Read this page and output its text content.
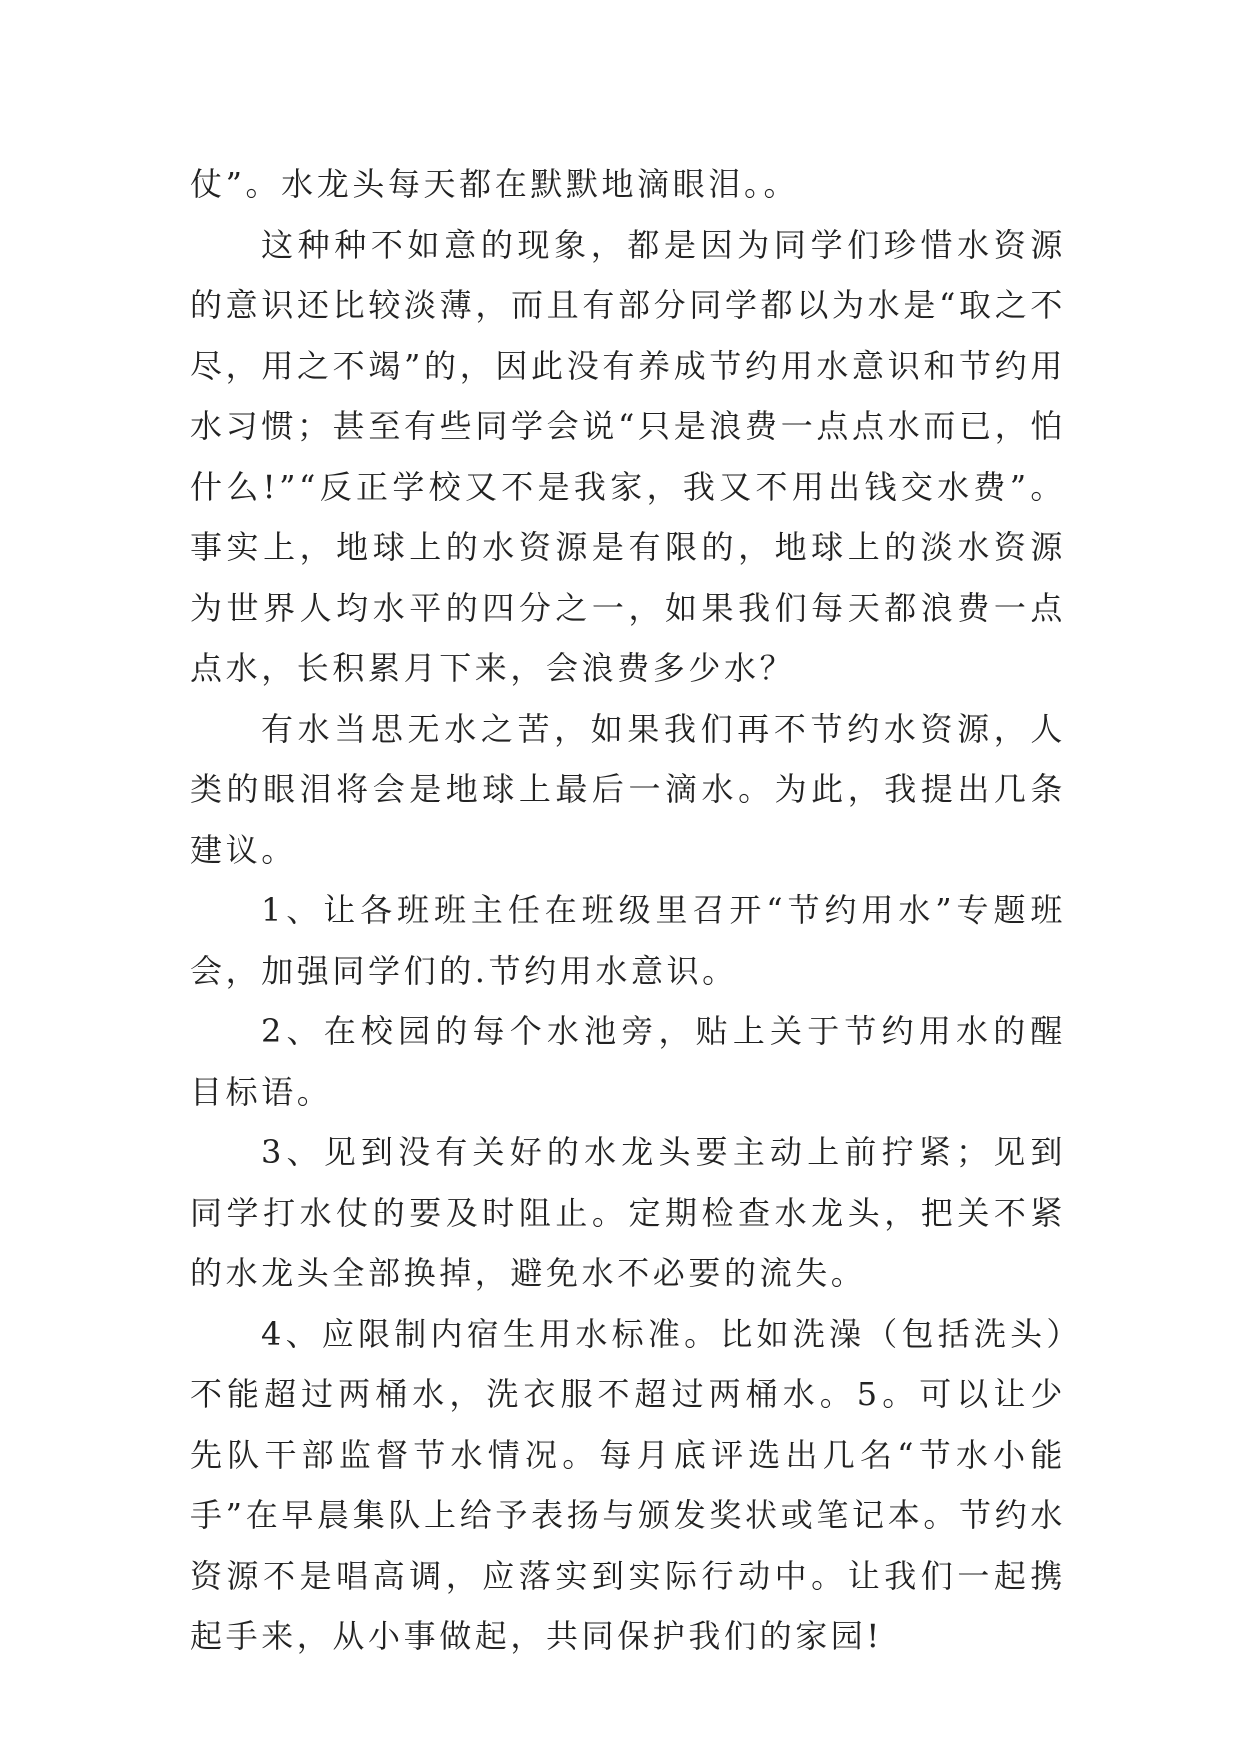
仗”。水龙头每天都在默默地滴眼泪。。

这种种不如意的现象，都是因为同学们珍惜水资源的意识还比较淡薄，而且有部分同学都以为水是“取之不尽，用之不竭”的，因此没有养成节约用水意识和节约用水习惯；甚至有些同学会说“只是浪费一点点水而已，怕什么!”“反正学校又不是我家，我又不用出钱交水费”。事实上，地球上的水资源是有限的，地球上的淡水资源为世界人均水平的四分之一，如果我们每天都浪费一点点水，长积累月下来，会浪费多少水？

有水当思无水之苦，如果我们再不节约水资源，人类的眼泪将会是地球上最后一滴水。为此，我提出几条建议。

1、让各班班主任在班级里召开“节约用水”专题班会，加强同学们的.节约用水意识。

2、在校园的每个水池旁，贴上关于节约用水的醒目标语。

3、见到没有关好的水龙头要主动上前拧紧；见到同学打水仗的要及时阻止。定期检查水龙头，把关不紧的水龙头全部换掉，避免水不必要的流失。

4、应限制内宿生用水标准。比如洗澡（包括洗头）不能超过两桶水，洗衣服不超过两桶水。5。可以让少先队干部监督节水情况。每月底评选出几名“节水小能手”在早晨集队上给予表扬与颁发奖状或笔记本。节约水资源不是唱高调，应落实到实际行动中。让我们一起携起手来，从小事做起，共同保护我们的家园!
